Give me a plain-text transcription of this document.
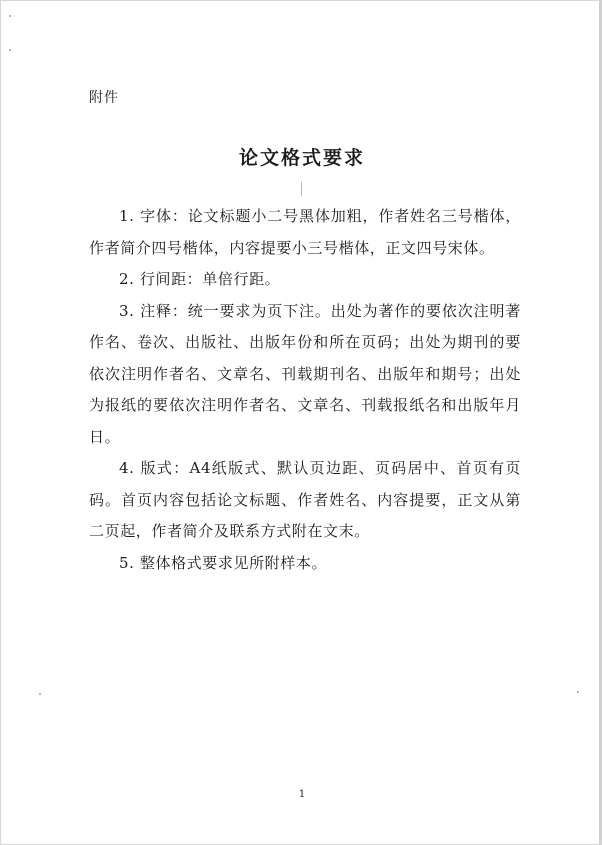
附件
论文格式要求

1. 字体：论文标题小二号黑体加粗，作者姓名三号楷体，作者简介四号楷体，内容提要小三号楷体，正文四号宋体。

2. 行间距：单倍行距。

3. 注释：统一要求为页下注。出处为著作的要依次注明著作名、卷次、出版社、出版年份和所在页码；出处为期刊的要依次注明作者名、文章名、刊载期刊名、出版年和期号；出处为报纸的要依次注明作者名、文章名、刊载报纸名和出版年月日。

4. 版式：A4纸版式、默认页边距、页码居中、首页有页码。首页内容包括论文标题、作者姓名、内容提要，正文从第二页起，作者简介及联系方式附在文末。

5. 整体格式要求见所附样本。

1
